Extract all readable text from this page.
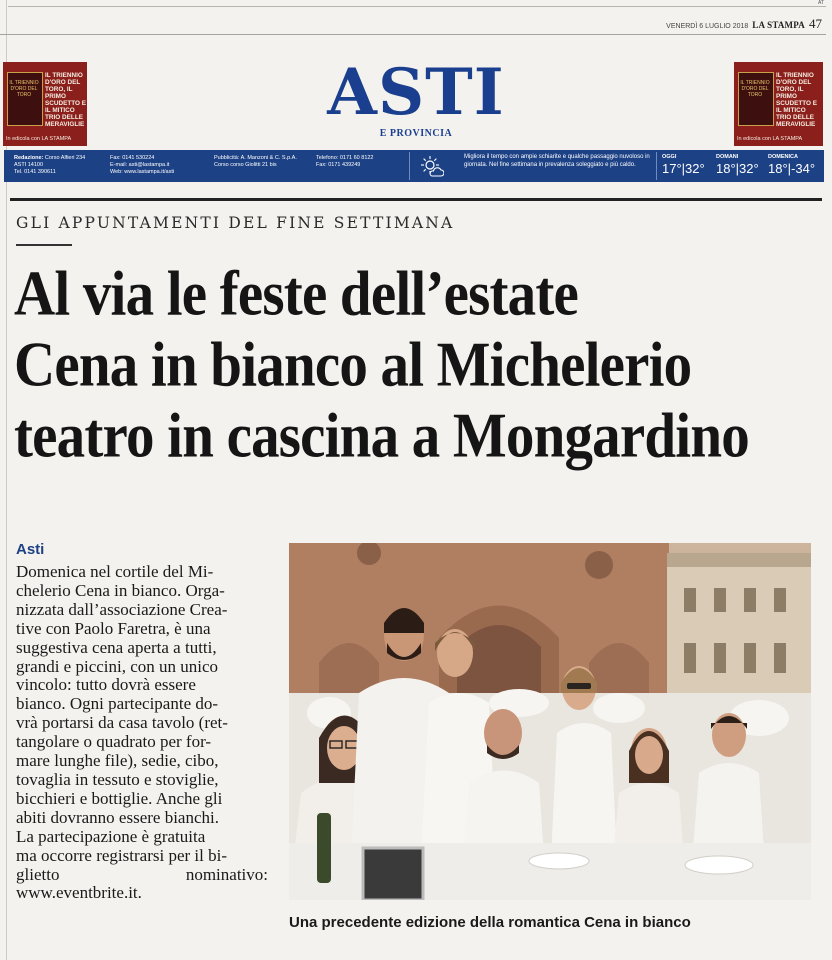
AT
VENERDÌ 6 LUGLIO 2018 LA STAMPA 47
IL TRIENNIO D'ORO DEL TORO
IL TRIENNIO D'ORO DEL TORO, IL PRIMO SCUDETTO E IL MITICO TRIO DELLE MERAVIGLIE
In edicola con LA STAMPA
ASTI
E PROVINCIA
IL TRIENNIO D'ORO DEL TORO
IL TRIENNIO D'ORO DEL TORO, IL PRIMO SCUDETTO E IL MITICO TRIO DELLE MERAVIGLIE
In edicola con LA STAMPA
Redazione: Corso Alfieri 234
ASTI 14100
Tel. 0141 390611
Fax: 0141 530224
E-mail: asti@lastampa.it
Web: www.lastampa.it/asti
Pubblicità: A. Manzoni & C. S.p.A.
Corso corso Giolitti 21 bis
Telefono: 0171 60 8122
Fax: 0171 439249
Migliora il tempo con ampie schiarite e qualche passaggio nuvoloso in giornata. Nel fine settimana in prevalenza soleggiato e più caldo.
OGGI
17°|32°
DOMANI
18°|32°
DOMENICA
18°|-34°
GLI APPUNTAMENTI DEL FINE SETTIMANA
Al via le feste dell’estate
Cena in bianco al Michelerio
teatro in cascina a Mongardino
Asti
Domenica nel cortile del Mi-
chelerio Cena in bianco. Orga-
nizzata dall’associazione Crea-
tive con Paolo Faretra, è una
suggestiva cena aperta a tutti,
grandi e piccini, con un unico
vincolo: tutto dovrà essere
bianco. Ogni partecipante do-
vrà portarsi da casa tavolo (ret-
tangolare o quadrato per for-
mare lunghe file), sedie, cibo,
tovaglia in tessuto e stoviglie,
bicchieri e bottiglie. Anche gli
abiti dovranno essere bianchi.
La partecipazione è gratuita
ma occorre registrarsi per il bi-
glietto	nominativo:
www.eventbrite.it.
Una precedente edizione della romantica Cena in bianco
